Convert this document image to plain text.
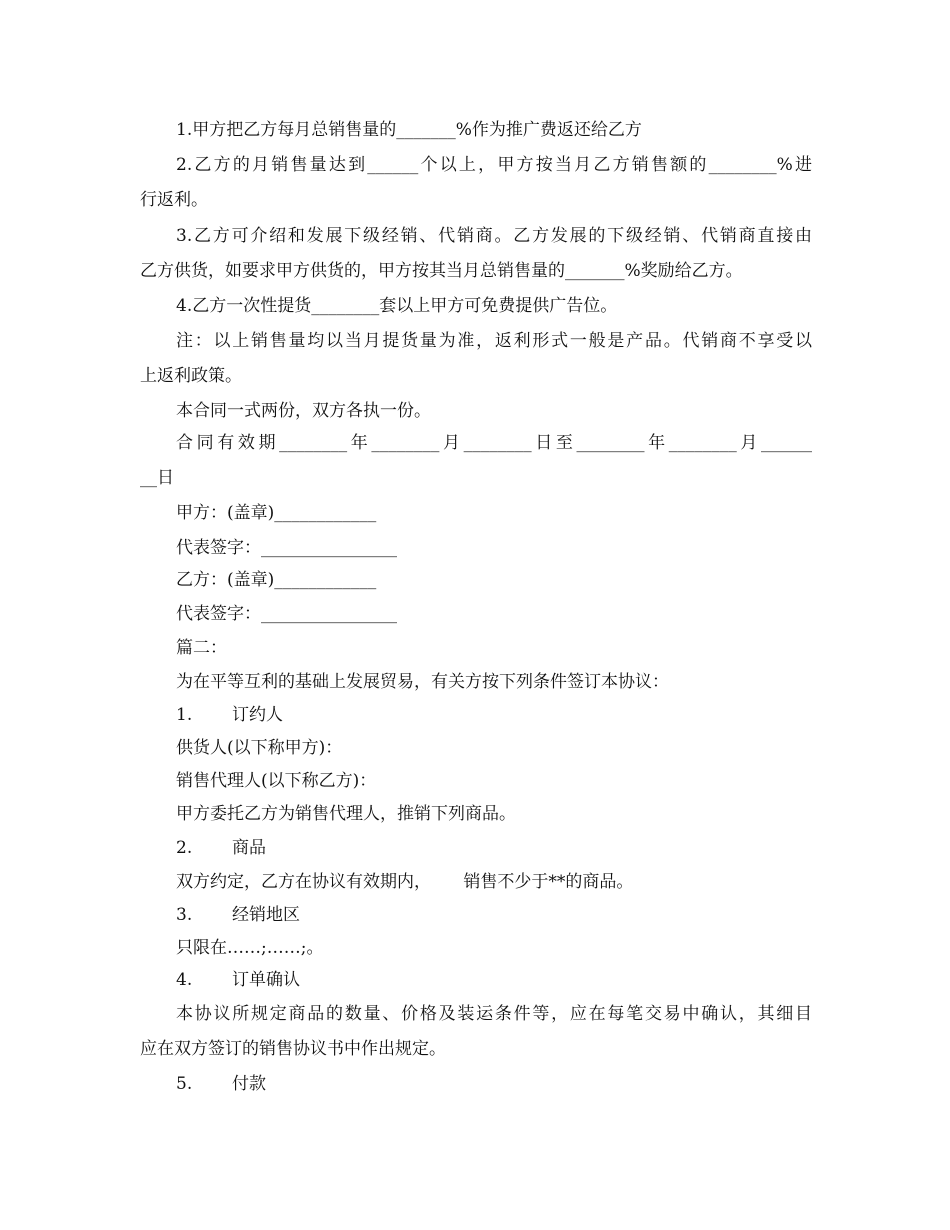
1.甲方把乙方每月总销售量的_______%作为推广费返还给乙方

2.乙方的月销售量达到______个以上，甲方按当月乙方销售额的________%进

行返利。

3.乙方可介绍和发展下级经销、代销商。乙方发展的下级经销、代销商直接由

乙方供货，如要求甲方供货的，甲方按其当月总销售量的_______%奖励给乙方。

4.乙方一次性提货________套以上甲方可免费提供广告位。

注：以上销售量均以当月提货量为准，返利形式一般是产品。代销商不享受以

上返利政策。

本合同一式两份，双方各执一份。

合同有效期________年________月________日至________年________月______

__日

甲方：(盖章)____________

代表签字：________________

乙方：(盖章)____________

代表签字：________________

篇二：

为在平等互利的基础上发展贸易，有关方按下列条件签订本协议：

1. 订约人

供货人(以下称甲方)：

销售代理人(以下称乙方)：

甲方委托乙方为销售代理人，推销下列商品。

2. 商品

双方约定，乙方在协议有效期内，      销售不少于**的商品。

3. 经销地区

只限在……;……;。

4. 订单确认

本协议所规定商品的数量、价格及装运条件等，应在每笔交易中确认，其细目

应在双方签订的销售协议书中作出规定。

5. 付款
